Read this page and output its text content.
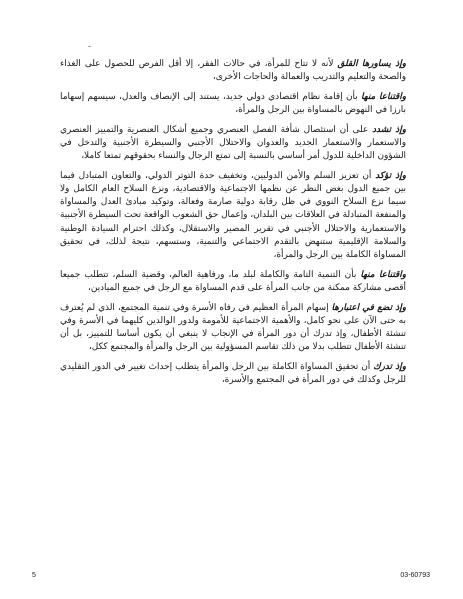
-

وإذ يساورها القلق لأنه لا تتاح للمرأة، في حالات الفقر، إلا أقل الفرص للحصول على الغذاء والصحة والتعليم والتدريب والعمالة والحاجات الأخرى،

واقتناعا منها بأن إقامة نظام اقتصادي دولي جديد، يستند إلى الإنصاف والعدل، سيسهم إسهاما بارزا في النهوض بالمساواة بين الرجل والمرأة،

وإذ تشدد على أن استئصال شأفة الفصل العنصري وجميع أشكال العنصرية والتمييز العنصري والاستعمار والاستعمار الجديد والعدوان والاحتلال الأجنبي والسيطرة الأجنبية والتدخل في الشؤون الداخلية للدول أمر أساسي بالنسبة إلى تمتع الرجال والنساء بحقوقهم تمتعا كاملا،

وإذ تؤكد أن تعزيز السلم والأمن الدوليين، وتخفيف حدة التوتر الدولي، والتعاون المتبادل فيما بين جميع الدول بغض النظر عن نظمها الاجتماعية والاقتصادية، ونزع السلاح العام الكامل ولا سيما نزع السلاح النووي في ظل رقابة دولية صارمة وفعالة، وتوكيد مبادئ العدل والمساواة والمنفعة المتبادلة في العلاقات بين البلدان، وإعمال حق الشعوب الواقعة تحت السيطرة الأجنبية والاستعمارية والاحتلال الأجنبي في تقرير المصير والاستقلال، وكذلك احترام السيادة الوطنية والسلامة الإقليمية ستنهض بالتقدم الاجتماعي والتنمية، وستسهم، نتيجة لذلك، في تحقيق المساواة الكاملة بين الرجل والمرأة،

واقتناعا منها بأن التنمية التامة والكاملة لبلد ما، ورفاهية العالم، وقضية السلم، تتطلب جميعا أقصى مشاركة ممكنة من جانب المرأة على قدم المساواة مع الرجل في جميع الميادين،

وإذ تضع في اعتبارها إسهام المرأة العظيم في رفاه الأسرة وفي تنمية المجتمع، الذي لم يُعترف به حتى الآن على نحو كامل، والأهمية الاجتماعية للأمومة ولدور الوالدين كليهما في الأسرة وفي تنشئة الأطفال، وإذ تدرك أن دور المرأة في الإنجاب لا ينبغي أن يكون أساسا للتمييز، بل أن تنشئة الأطفال تتطلب بدلا من ذلك تقاسم المسؤولية بين الرجل والمرأة والمجتمع ككل،

وإذ تدرك أن تحقيق المساواة الكاملة بين الرجل والمرأة يتطلب إحداث تغيير في الدور التقليدي للرجل وكذلك في دور المرأة في المجتمع والأسرة،

5	03-60793
